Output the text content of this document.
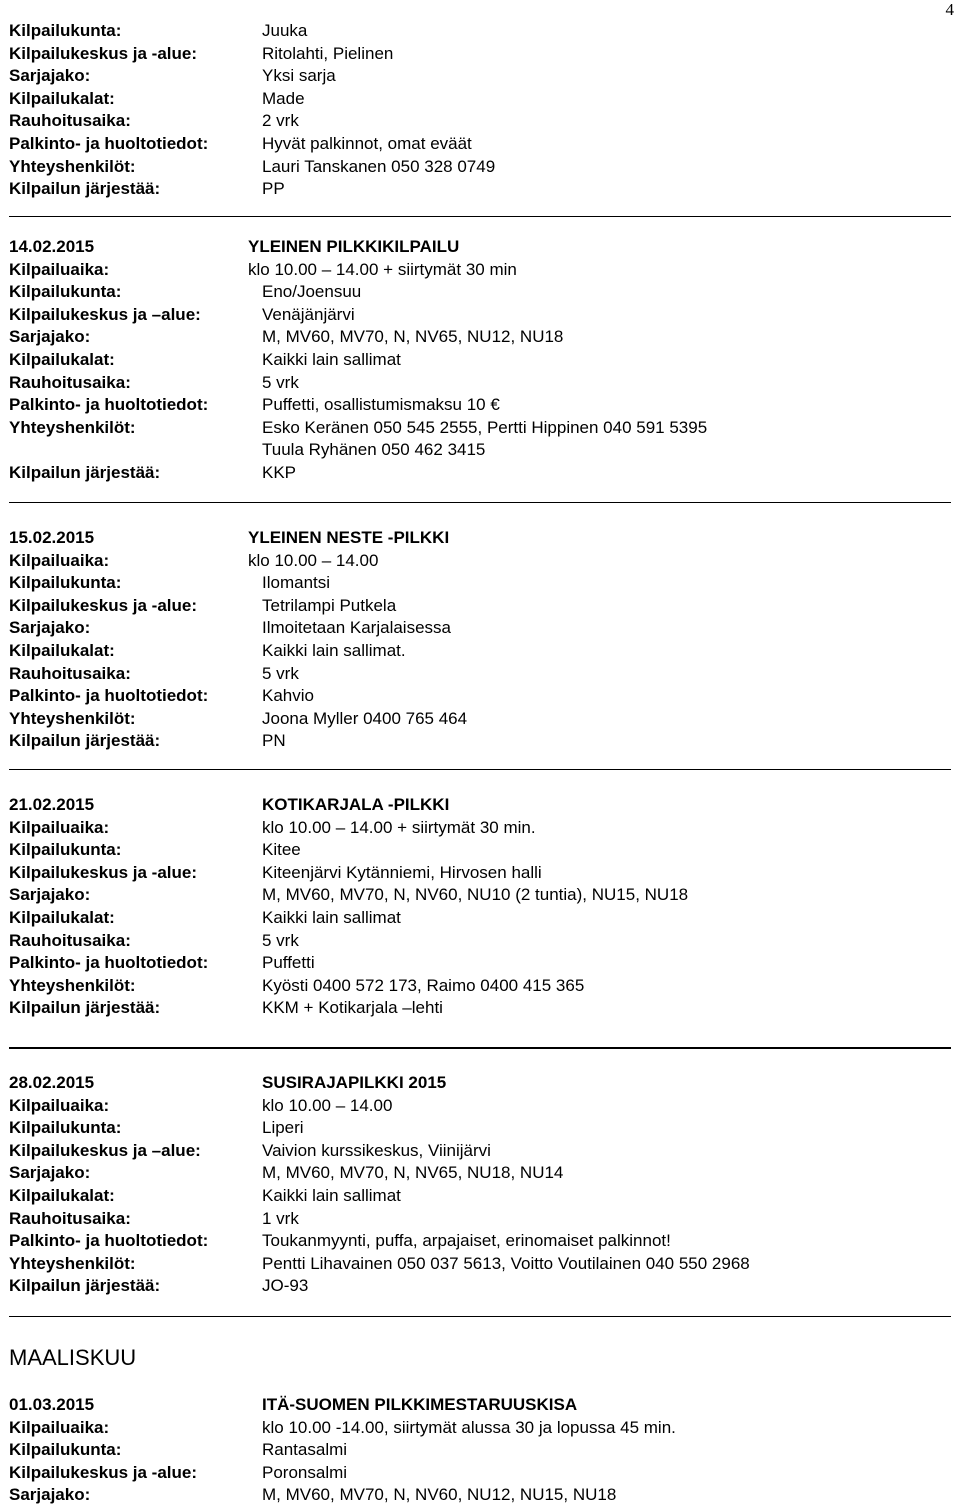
4
Kilpailukunta:	Juuka
Kilpailukeskus ja -alue:	Ritolahti, Pielinen
Sarjajako:	Yksi sarja
Kilpailukalat:	Made
Rauhoitusaika:	2 vrk
Palkinto- ja huoltotiedot:	Hyvät palkinnot, omat eväät
Yhteyshenkilöt:	Lauri Tanskanen 050 328 0749
Kilpailun järjestää:	PP
14.02.2015	YLEINEN PILKKIKILPAILU
Kilpailuaika:	klo 10.00 – 14.00 + siirtymät 30 min
Kilpailukunta:	Eno/Joensuu
Kilpailukeskus ja –alue:	Venäjänjärvi
Sarjajako:	M, MV60, MV70, N, NV65, NU12, NU18
Kilpailukalat:	Kaikki lain sallimat
Rauhoitusaika:	5 vrk
Palkinto- ja huoltotiedot:	Puffetti, osallistumismaksu 10 €
Yhteyshenkilöt:	Esko Keränen 050 545 2555, Pertti Hippinen 040 591 5395
Tuula Ryhänen 050 462 3415
Kilpailun järjestää:	KKP
15.02.2015	YLEINEN NESTE -PILKKI
Kilpailuaika:	klo 10.00 – 14.00
Kilpailukunta:	Ilomantsi
Kilpailukeskus ja -alue:	Tetrilampi Putkela
Sarjajako:	Ilmoitetaan Karjalaisessa
Kilpailukalat:	Kaikki lain sallimat.
Rauhoitusaika:	5 vrk
Palkinto- ja huoltotiedot:	Kahvio
Yhteyshenkilöt:	Joona Myller 0400 765 464
Kilpailun järjestää:	PN
21.02.2015	KOTIKARJALA -PILKKI
Kilpailuaika:	klo 10.00 – 14.00 + siirtymät 30 min.
Kilpailukunta:	Kitee
Kilpailukeskus ja -alue:	Kiteenjärvi Kytänniemi, Hirvosen halli
Sarjajako:	M, MV60, MV70, N, NV60, NU10 (2 tuntia), NU15, NU18
Kilpailukalat:	Kaikki lain sallimat
Rauhoitusaika:	5 vrk
Palkinto- ja huoltotiedot:	Puffetti
Yhteyshenkilöt:	Kyösti 0400 572 173, Raimo 0400 415 365
Kilpailun järjestää:	KKM + Kotikarjala –lehti
28.02.2015	SUSIRAJAPILKKI 2015
Kilpailuaika:	klo 10.00 – 14.00
Kilpailukunta:	Liperi
Kilpailukeskus ja –alue:	Vaivion kurssikeskus, Viinijärvi
Sarjajako:	M, MV60, MV70, N, NV65, NU18, NU14
Kilpailukalat:	Kaikki lain sallimat
Rauhoitusaika:	1 vrk
Palkinto- ja huoltotiedot:	Toukanmyynti, puffa, arpajaiset, erinomaiset palkinnot!
Yhteyshenkilöt:	Pentti Lihavainen 050 037 5613, Voitto Voutilainen 040 550 2968
Kilpailun järjestää:	JO-93
MAALISKUU
01.03.2015	ITÄ-SUOMEN PILKKIMESTARUUSKISA
Kilpailuaika:	klo 10.00 -14.00, siirtymät alussa 30 ja lopussa 45 min.
Kilpailukunta:	Rantasalmi
Kilpailukeskus ja -alue:	Poronsalmi
Sarjajako:	M, MV60, MV70, N, NV60, NU12, NU15, NU18
